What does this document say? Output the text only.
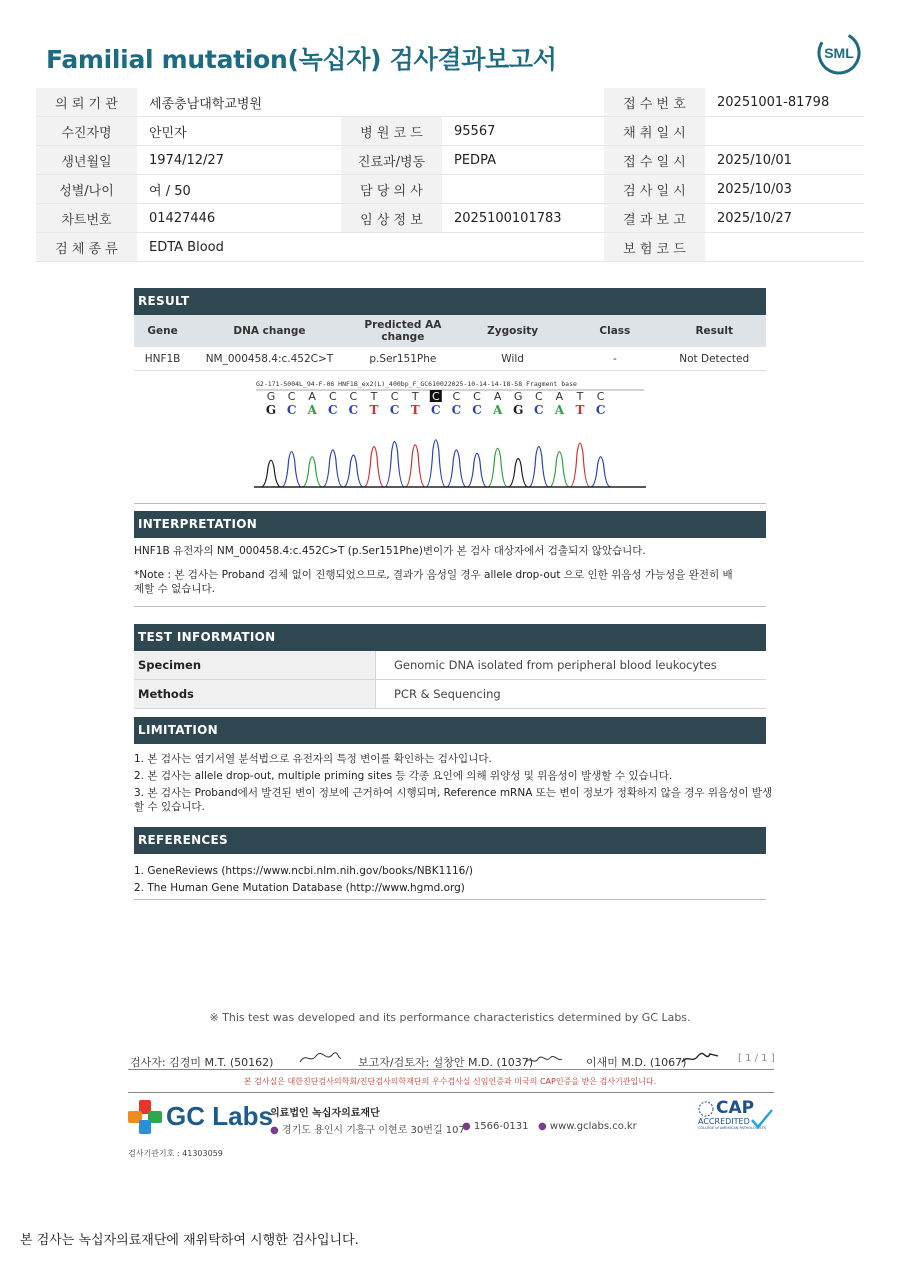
Familial mutation(녹십자) 검사결과보고서	SML
의 뢰 기 관	세종충남대학교병원			접 수 번 호	20251001-81798
수진자명	안민자	병 원 코 드	95567	채 취 일 시	
생년월일	1974/12/27	진료과/병동	PEDPA	접 수 일 시	2025/10/01
성별/나이	여 / 50	담 당 의 사		검 사 일 시	2025/10/03
차트번호	01427446	임 상 정 보	2025100101783	결 과 보 고	2025/10/27
검 체 종 류	EDTA Blood			보 험 코 드	
RESULT
Gene	DNA change	Predicted AA change	Zygosity	Class	Result
HNF1B	NM_000458.4:c.452C>T	p.Ser151Phe	Wild	-	Not Detected
G2-171-5004L_94-F-06 HNF1B_ex2(L)_400bp_F_GC610022025-10-14-14-18-58 Fragment base
G C A C C T C T C C C A G C A T C
G C A C C T C T C C C A G C A T C
INTERPRETATION
HNF1B 유전자의 NM_000458.4:c.452C>T (p.Ser151Phe)변이가 본 검사 대상자에서 검출되지 않았습니다.
*Note : 본 검사는 Proband 검체 없이 진행되었으므로, 결과가 음성일 경우 allele drop-out 으로 인한 위음성 가능성을 완전히 배제할 수 없습니다.
TEST INFORMATION
Specimen	Genomic DNA isolated from peripheral blood leukocytes
Methods	PCR & Sequencing
LIMITATION
1. 본 검사는 염기서열 분석법으로 유전자의 특정 변이를 확인하는 검사입니다.
2. 본 검사는 allele drop-out, multiple priming sites 등 각종 요인에 의해 위양성 및 위음성이 발생할 수 있습니다.
3. 본 검사는 Proband에서 발견된 변이 정보에 근거하여 시행되며, Reference mRNA 또는 변이 정보가 정확하지 않을 경우 위음성이 발생할 수 있습니다.
REFERENCES
1. GeneReviews (https://www.ncbi.nlm.nih.gov/books/NBK1116/)
2. The Human Gene Mutation Database (http://www.hgmd.org)
※ This test was developed and its performance characteristics determined by GC Labs.
검사자: 김경미 M.T. (50162)	보고자/검토자: 설창안 M.D. (1037)	이새미 M.D. (1067)	[ 1 / 1 ]
본 검사실은 대한진단검사의학회/진단검사의학재단의 우수검사실 신임인증과 미국의 CAP인증을 받은 검사기관입니다.
GC Labs
의료법인 녹십자의료재단
● 경기도 용인시 기흥구 이현로 30번길 107
● 1566-0131 ● www.gclabs.co.kr
CAP
ACCREDITED
COLLEGE of AMERICAN PATHOLOGISTS
검사기관기호 : 41303059
본 검사는 녹십자의료재단에 재위탁하여 시행한 검사입니다.
